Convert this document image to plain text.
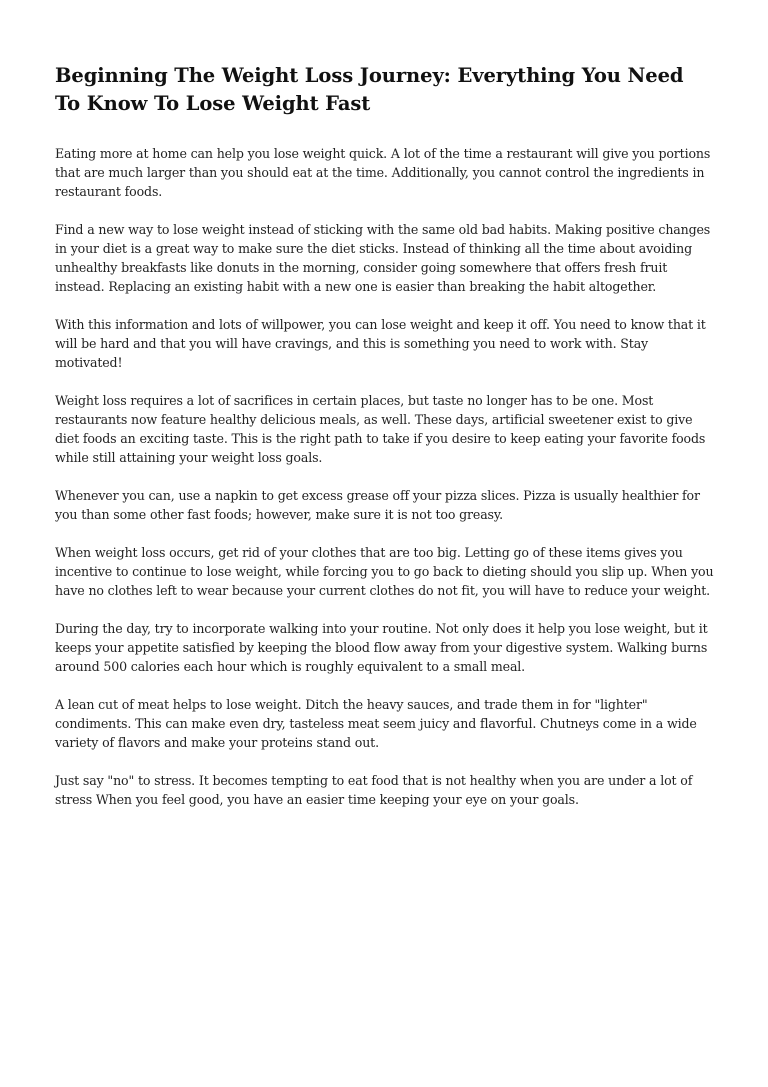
Beginning The Weight Loss Journey: Everything You Need To Know To Lose Weight Fast

Eating more at home can help you lose weight quick. A lot of the time a restaurant will give you portions that are much larger than you should eat at the time. Additionally, you cannot control the ingredients in restaurant foods.

Find a new way to lose weight instead of sticking with the same old bad habits. Making positive changes in your diet is a great way to make sure the diet sticks. Instead of thinking all the time about avoiding unhealthy breakfasts like donuts in the morning, consider going somewhere that offers fresh fruit instead. Replacing an existing habit with a new one is easier than breaking the habit altogether.

With this information and lots of willpower, you can lose weight and keep it off. You need to know that it will be hard and that you will have cravings, and this is something you need to work with. Stay motivated!

Weight loss requires a lot of sacrifices in certain places, but taste no longer has to be one. Most restaurants now feature healthy delicious meals, as well. These days, artificial sweetener exist to give diet foods an exciting taste. This is the right path to take if you desire to keep eating your favorite foods while still attaining your weight loss goals.

Whenever you can, use a napkin to get excess grease off your pizza slices. Pizza is usually healthier for you than some other fast foods; however, make sure it is not too greasy.

When weight loss occurs, get rid of your clothes that are too big. Letting go of these items gives you incentive to continue to lose weight, while forcing you to go back to dieting should you slip up. When you have no clothes left to wear because your current clothes do not fit, you will have to reduce your weight.

During the day, try to incorporate walking into your routine. Not only does it help you lose weight, but it keeps your appetite satisfied by keeping the blood flow away from your digestive system. Walking burns around 500 calories each hour which is roughly equivalent to a small meal.

A lean cut of meat helps to lose weight. Ditch the heavy sauces, and trade them in for "lighter" condiments. This can make even dry, tasteless meat seem juicy and flavorful. Chutneys come in a wide variety of flavors and make your proteins stand out.

Just say "no" to stress. It becomes tempting to eat food that is not healthy when you are under a lot of stress When you feel good, you have an easier time keeping your eye on your goals.
